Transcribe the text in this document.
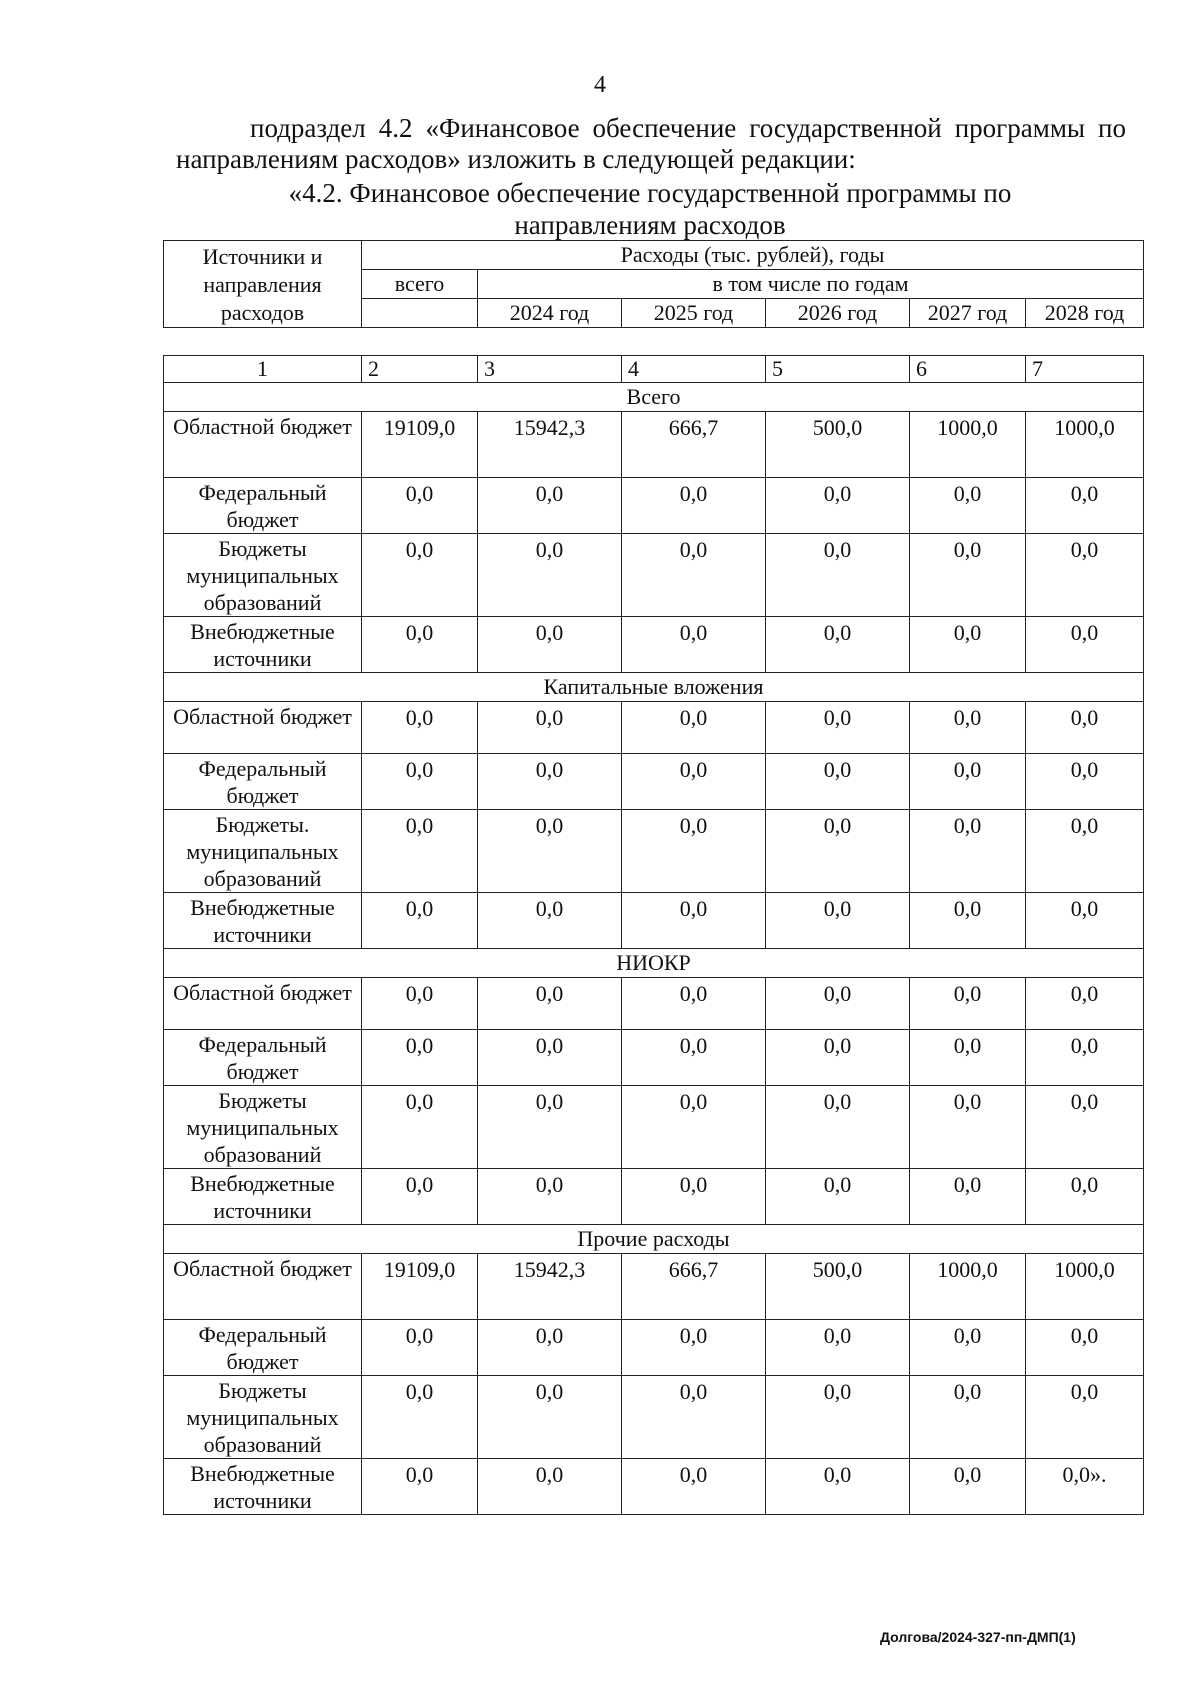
4

подраздел 4.2 «Финансовое обеспечение государственной программы по направлениям расходов» изложить в следующей редакции:

«4.2. Финансовое обеспечение государственной программы по
направлениям расходов
Источники и направления расходов	Расходы (тыс. рублей), годы					
	всего	в том числе по годам				
		2024 год	2025 год	2026 год	2027 год	2028 год
1	2	3	4	5	6	7
Всего						
Областной бюджет	19109,0	15942,3	666,7	500,0	1000,0	1000,0
Федеральный бюджет	0,0	0,0	0,0	0,0	0,0	0,0
Бюджеты муниципальных образований	0,0	0,0	0,0	0,0	0,0	0,0
Внебюджетные источники	0,0	0,0	0,0	0,0	0,0	0,0
Капитальные вложения						
Областной бюджет	0,0	0,0	0,0	0,0	0,0	0,0
Федеральный бюджет	0,0	0,0	0,0	0,0	0,0	0,0
Бюджеты. муниципальных образований	0,0	0,0	0,0	0,0	0,0	0,0
Внебюджетные источники	0,0	0,0	0,0	0,0	0,0	0,0
НИОКР						
Областной бюджет	0,0	0,0	0,0	0,0	0,0	0,0
Федеральный бюджет	0,0	0,0	0,0	0,0	0,0	0,0
Бюджеты муниципальных образований	0,0	0,0	0,0	0,0	0,0	0,0
Внебюджетные источники	0,0	0,0	0,0	0,0	0,0	0,0
Прочие расходы						
Областной бюджет	19109,0	15942,3	666,7	500,0	1000,0	1000,0
Федеральный бюджет	0,0	0,0	0,0	0,0	0,0	0,0
Бюджеты муниципальных образований	0,0	0,0	0,0	0,0	0,0	0,0
Внебюджетные источники	0,0	0,0	0,0	0,0	0,0	0,0».
Долгова/2024-327-пп-ДМП(1)
